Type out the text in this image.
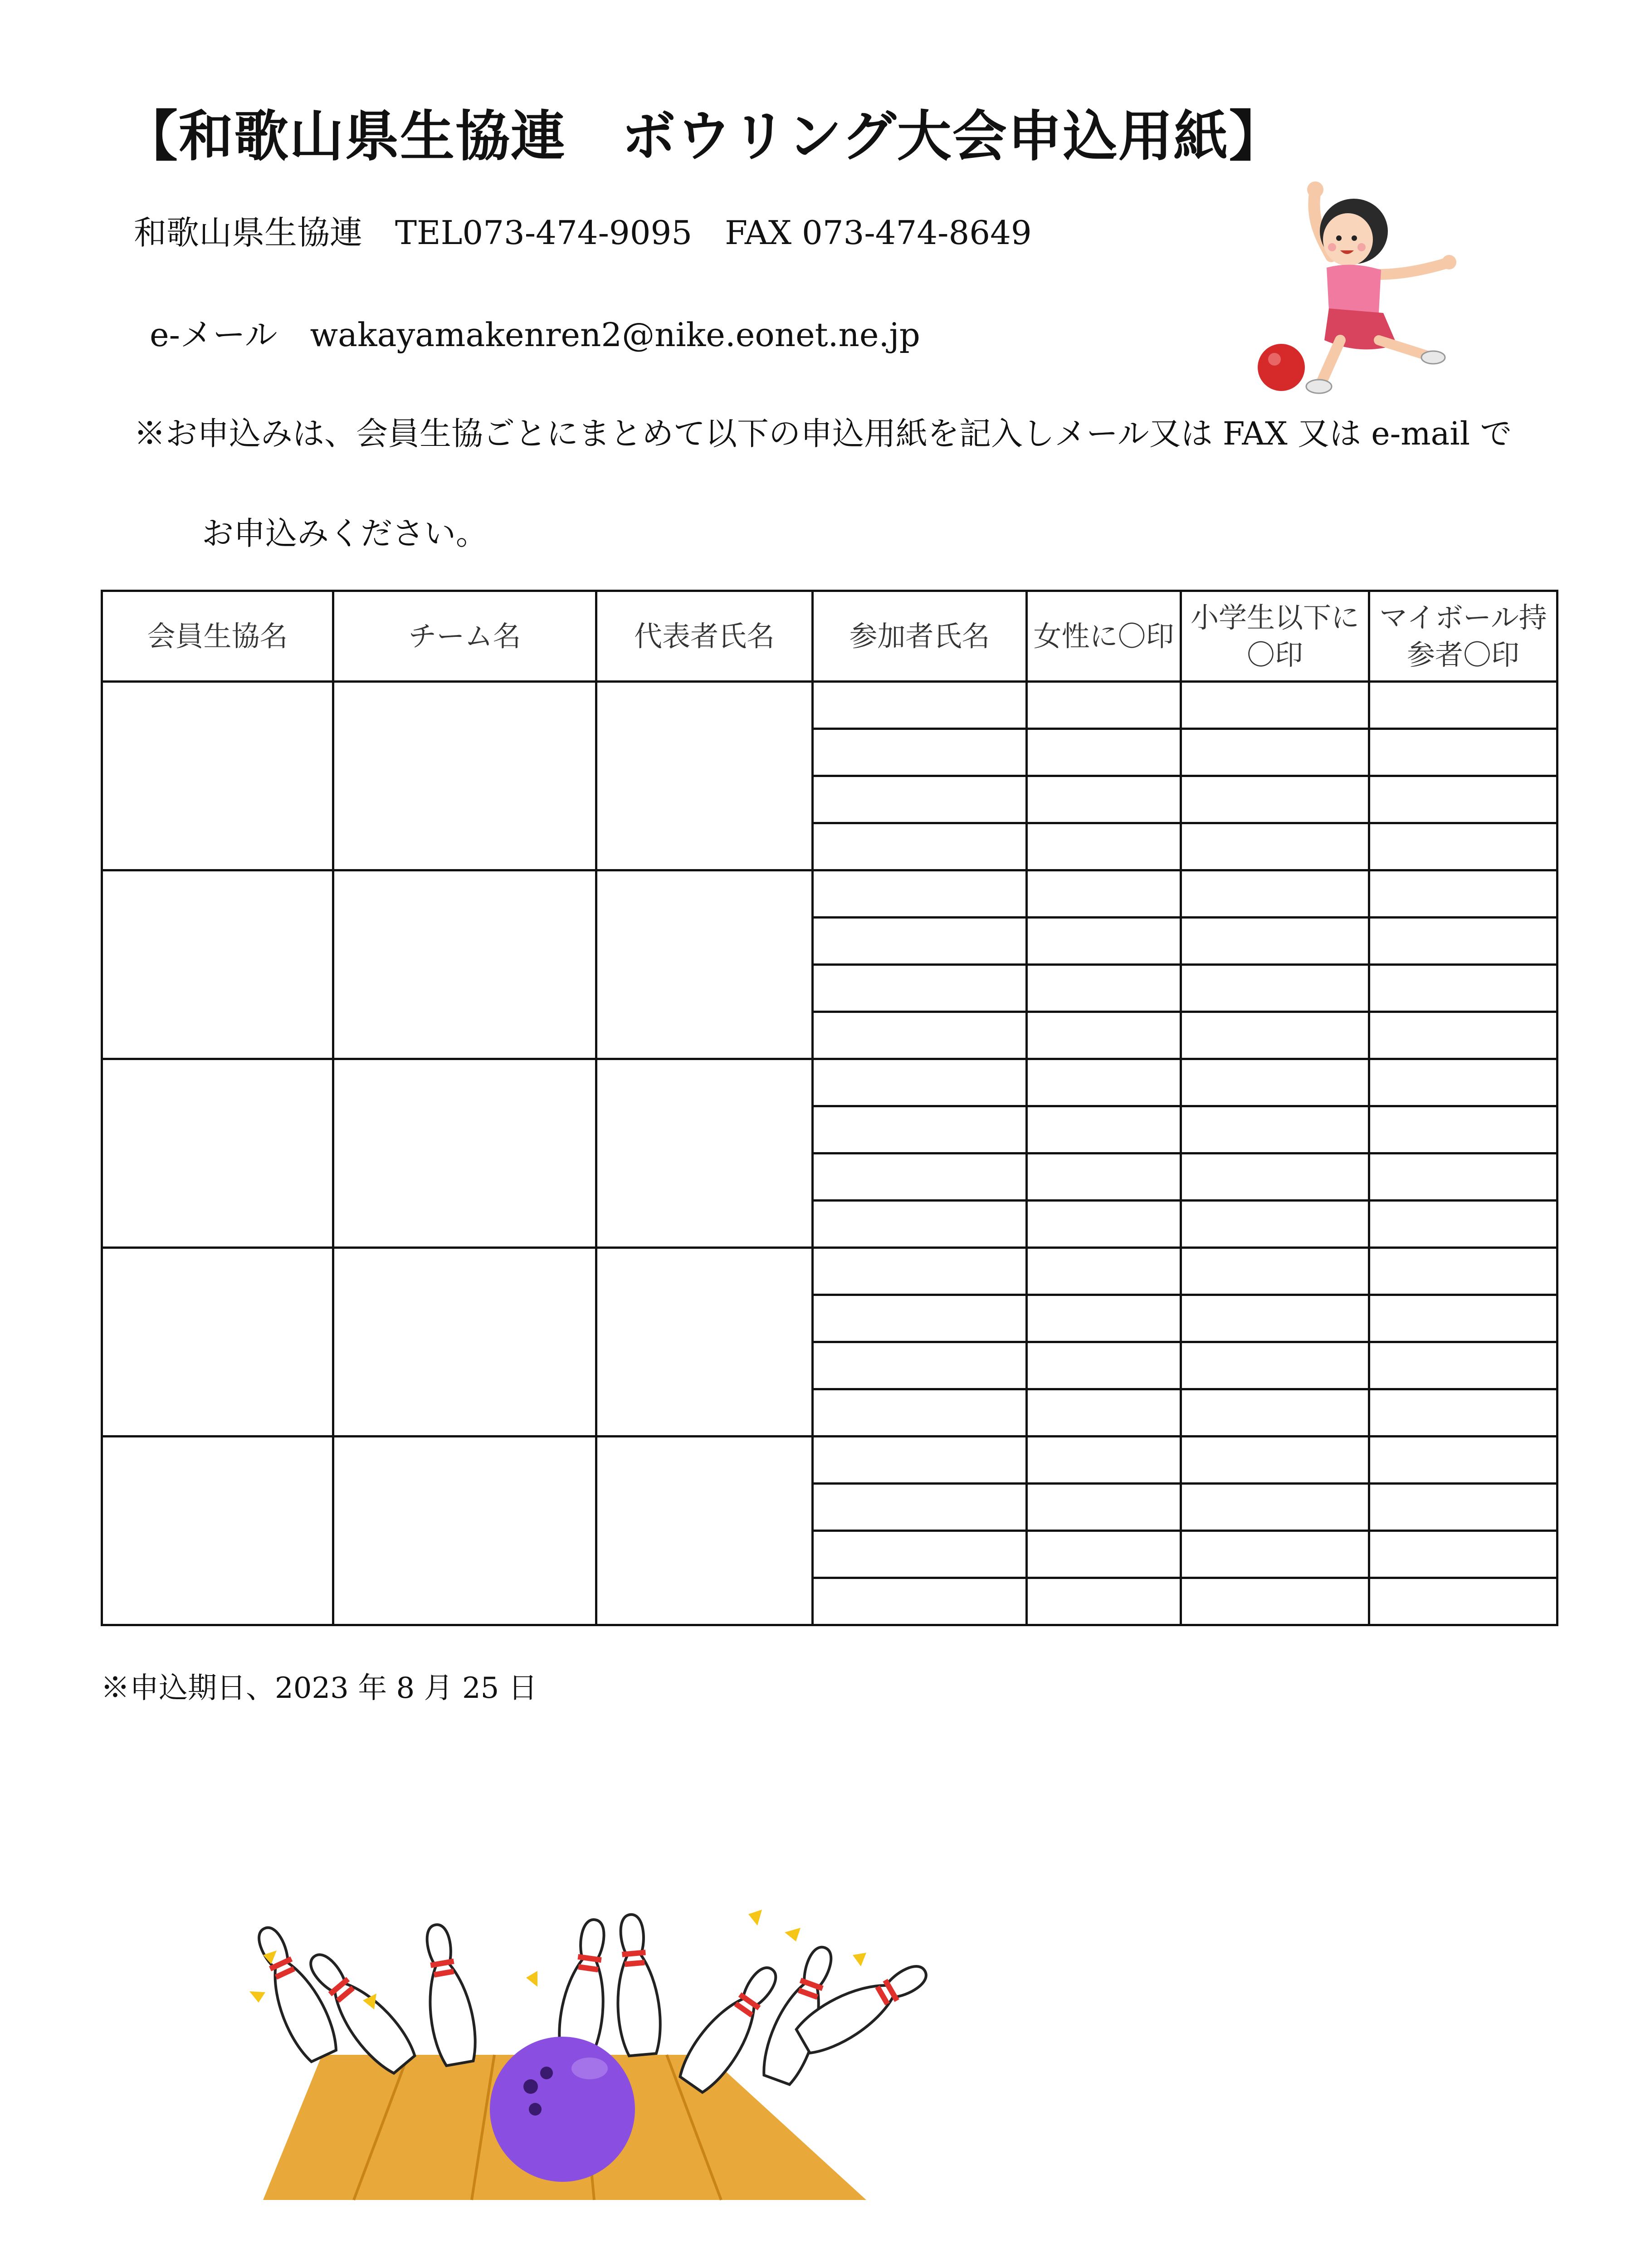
【和歌山県生協連　ボウリング大会申込用紙】
和歌山県生協連　TEL073-474-9095　FAX 073-474-8649
e-メール　wakayamakenren2@nike.eonet.ne.jp
※お申込みは、会員生協ごとにまとめて以下の申込用紙を記入しメール又は FAX 又は e-mail で
お申込みください。
会員生協名	チーム名	代表者氏名	参加者氏名	女性に〇印	小学生以下に〇印	マイボール持参者〇印

※申込期日、2023 年 8 月 25 日
